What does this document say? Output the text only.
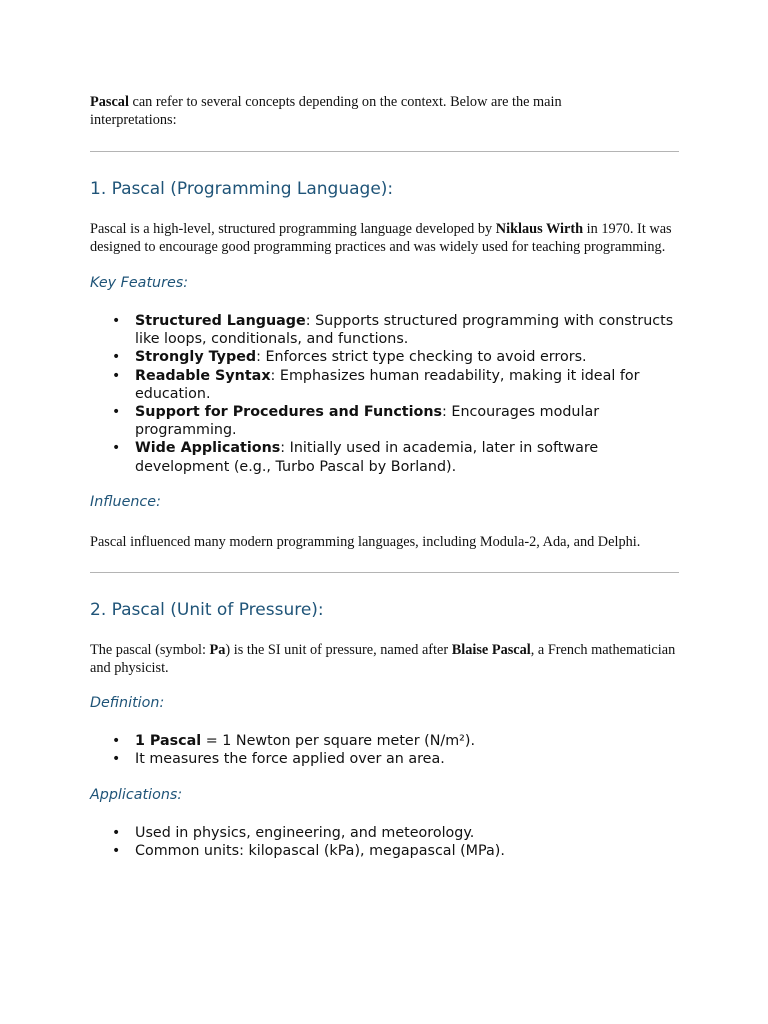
Pascal can refer to several concepts depending on the context. Below are the main interpretations:

1. Pascal (Programming Language):

Pascal is a high-level, structured programming language developed by Niklaus Wirth in 1970. It was designed to encourage good programming practices and was widely used for teaching programming.

Key Features:
• Structured Language: Supports structured programming with constructs like loops, conditionals, and functions.
• Strongly Typed: Enforces strict type checking to avoid errors.
• Readable Syntax: Emphasizes human readability, making it ideal for education.
• Support for Procedures and Functions: Encourages modular programming.
• Wide Applications: Initially used in academia, later in software development (e.g., Turbo Pascal by Borland).
Influence:

Pascal influenced many modern programming languages, including Modula-2, Ada, and Delphi.

2. Pascal (Unit of Pressure):

The pascal (symbol: Pa) is the SI unit of pressure, named after Blaise Pascal, a French mathematician and physicist.

Definition:
• 1 Pascal = 1 Newton per square meter (N/m²).
• It measures the force applied over an area.
Applications:
• Used in physics, engineering, and meteorology.
• Common units: kilopascal (kPa), megapascal (MPa).
